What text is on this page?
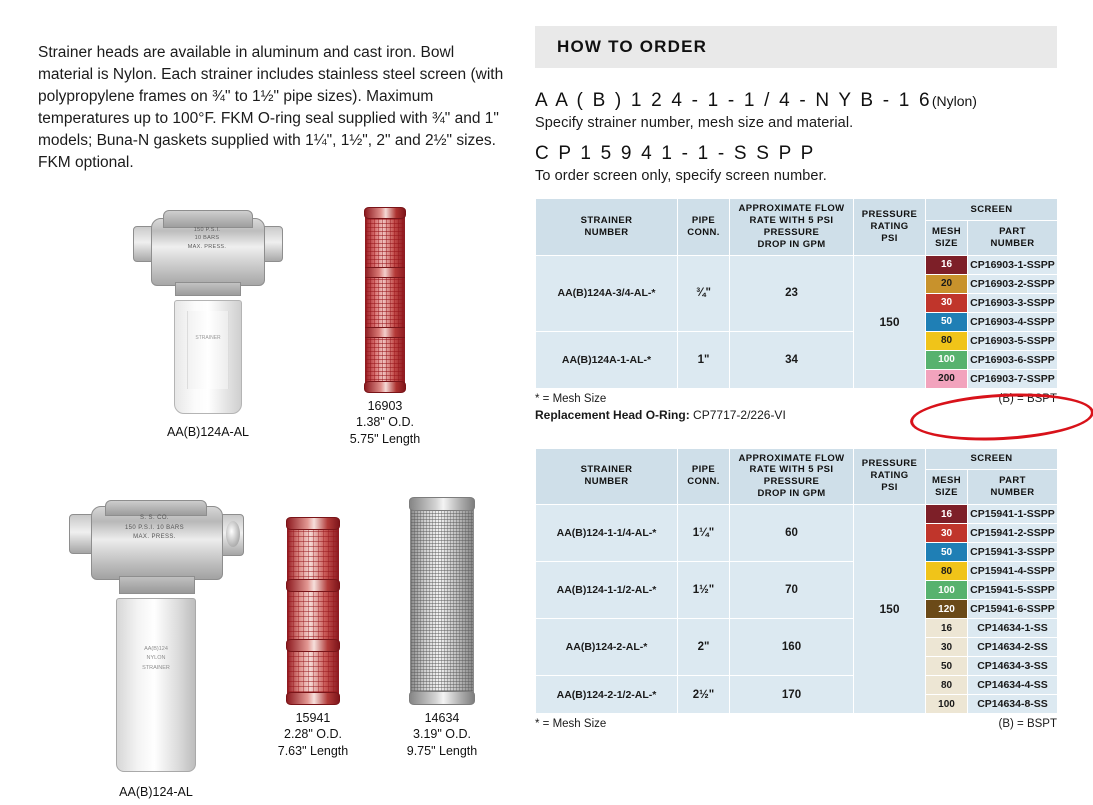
Strainer heads are available in aluminum and cast iron. Bowl material is Nylon. Each strainer includes stainless steel screen (with polypropylene frames on ¾" to 1½" pipe sizes). Maximum temperatures up to 100°F. FKM O-ring seal supplied with ¾" and 1" models; Buna-N gaskets supplied with 1¼", 1½", 2" and 2½" sizes. FKM optional.

150 P.S.I.
10 BARS
MAX. PRESS.
STRAINER
AA(B)124A-AL
16903
1.38" O.D.
5.75" Length
S. S. CO.
150 P.S.I. 10 BARS
MAX. PRESS.
AA(B)124
NYLON
STRAINER
AA(B)124-AL
15941
2.28" O.D.
7.63" Length
14634
3.19" O.D.
9.75" Length
HOW TO ORDER
A A ( B ) 1 2 4 - 1 - 1 / 4 - N Y B - 1 6(Nylon)
Specify strainer number, mesh size and material.
C P 1 5 9 4 1 - 1 - S S P P
To order screen only, specify screen number.
STRAINER
NUMBER	PIPE
CONN.	APPROXIMATE FLOW
RATE WITH 5 PSI
PRESSURE
DROP IN GPM	PRESSURE
RATING
PSI	SCREEN	
				MESH
SIZE	PART
NUMBER
AA(B)124A-3/4-AL-*	¾"	23	150	16	CP16903-1-SSPP
				20	CP16903-2-SSPP
				30	CP16903-3-SSPP
				50	CP16903-4-SSPP
AA(B)124A-1-AL-*	1"	34		80	CP16903-5-SSPP
				100	CP16903-6-SSPP
				200	CP16903-7-SSPP
* = Mesh Size	(B) = BSPT
Replacement Head O-Ring: CP7717-2/226-VI
STRAINER
NUMBER	PIPE
CONN.	APPROXIMATE FLOW
RATE WITH 5 PSI
PRESSURE
DROP IN GPM	PRESSURE
RATING
PSI	SCREEN	
				MESH
SIZE	PART
NUMBER
AA(B)124-1-1/4-AL-*	1¼"	60	150	16	CP15941-1-SSPP
				30	CP15941-2-SSPP
				50	CP15941-3-SSPP
AA(B)124-1-1/2-AL-*	1½"	70		80	CP15941-4-SSPP
				100	CP15941-5-SSPP
				120	CP15941-6-SSPP
AA(B)124-2-AL-*	2"	160		16	CP14634-1-SS
				30	CP14634-2-SS
				50	CP14634-3-SS
AA(B)124-2-1/2-AL-*	2½"	170		80	CP14634-4-SS
				100	CP14634-8-SS
* = Mesh Size	(B) = BSPT
